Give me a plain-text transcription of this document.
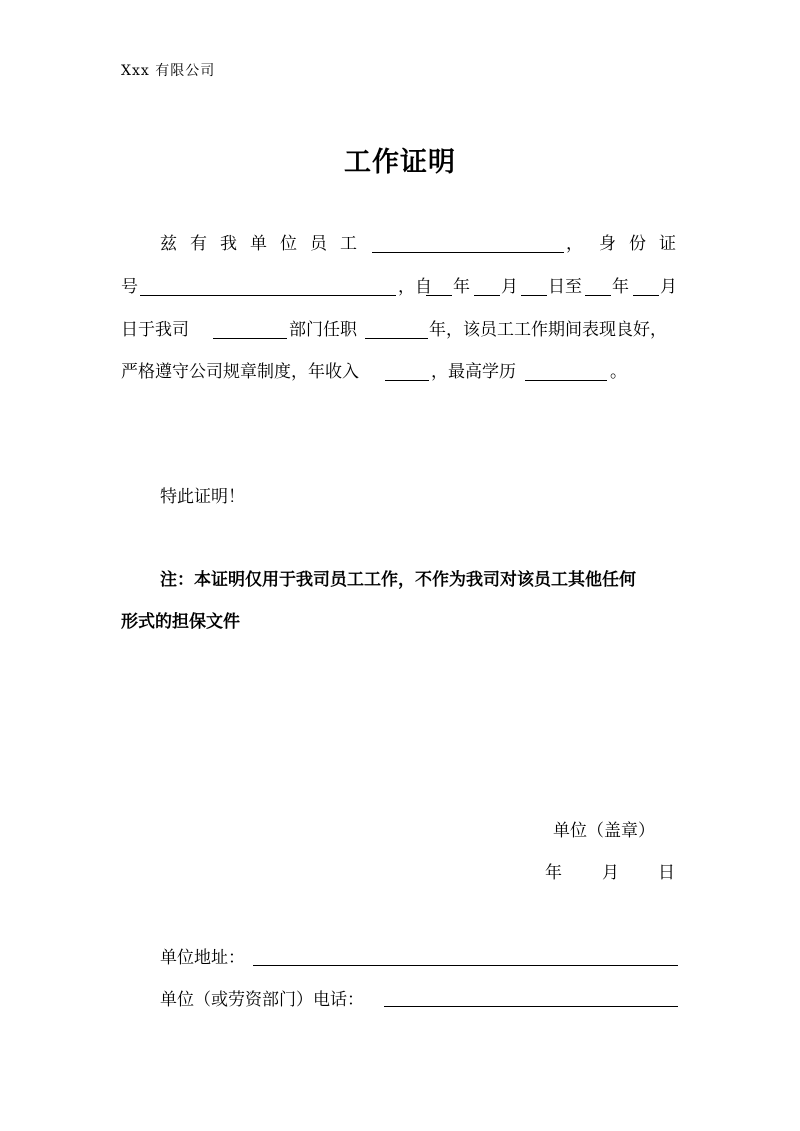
Xxx 有限公司
工作证明
兹有我单位员工	， 身份证
号	，自 年 月 日至 年 月
日于我司	部门任职	年，该员工工作期间表现良好，
严格遵守公司规章制度，年收入	，最高学历	。
特此证明！
注：本证明仅用于我司员工工作，不作为我司对该员工其他任何
形式的担保文件
单位（盖章）
年 月 日
单位地址：
单位（或劳资部门）电话：
